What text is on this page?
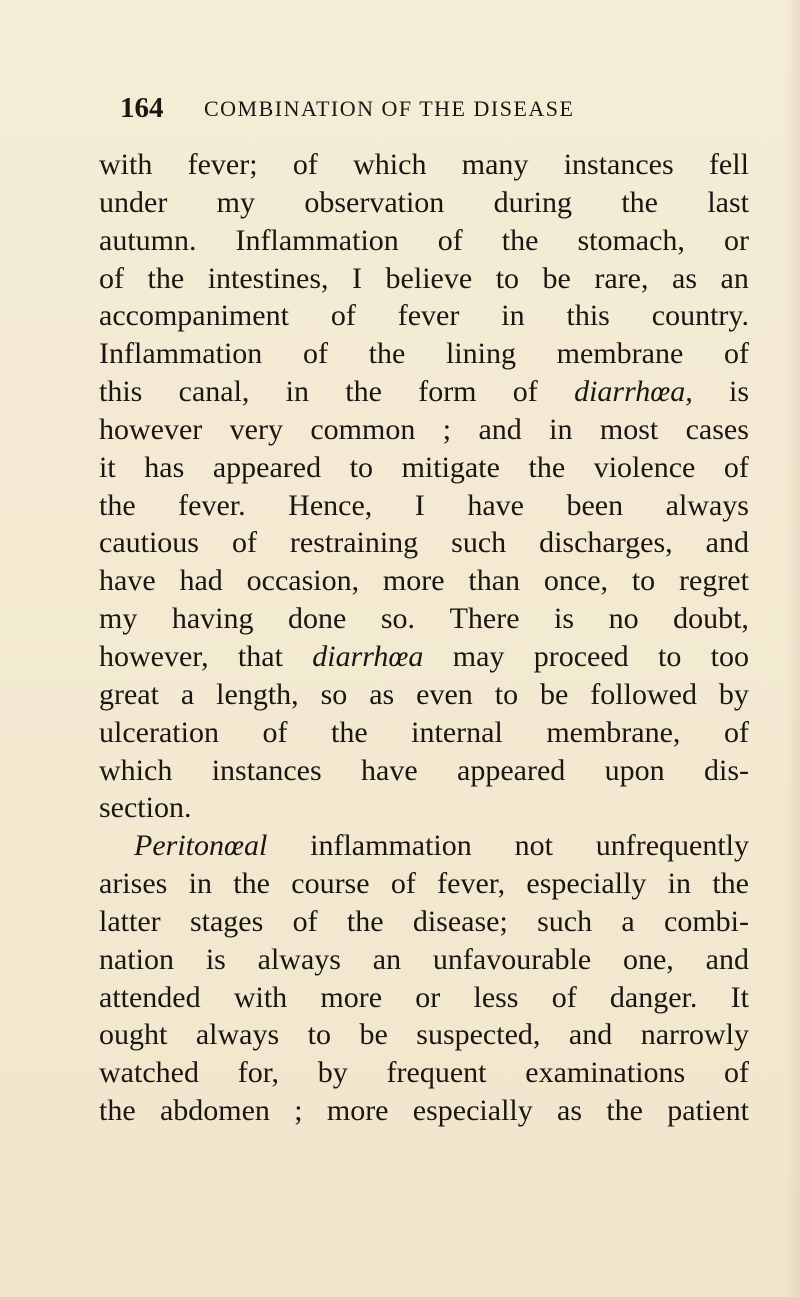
164 COMBINATION OF THE DISEASE
with fever; of which many instances fell
under my observation during the last
autumn. Inflammation of the stomach, or
of the intestines, I believe to be rare, as an
accompaniment of fever in this country.
Inflammation of the lining membrane of
this canal, in the form of diarrhœa, is
however very common ; and in most cases
it has appeared to mitigate the violence of
the fever. Hence, I have been always
cautious of restraining such discharges, and
have had occasion, more than once, to regret
my having done so. There is no doubt,
however, that diarrhœa may proceed to too
great a length, so as even to be followed by
ulceration of the internal membrane, of
which instances have appeared upon dis-
section.
Peritonœal inflammation not unfrequently
arises in the course of fever, especially in the
latter stages of the disease; such a combi-
nation is always an unfavourable one, and
attended with more or less of danger. It
ought always to be suspected, and narrowly
watched for, by frequent examinations of
the abdomen ; more especially as the patient
